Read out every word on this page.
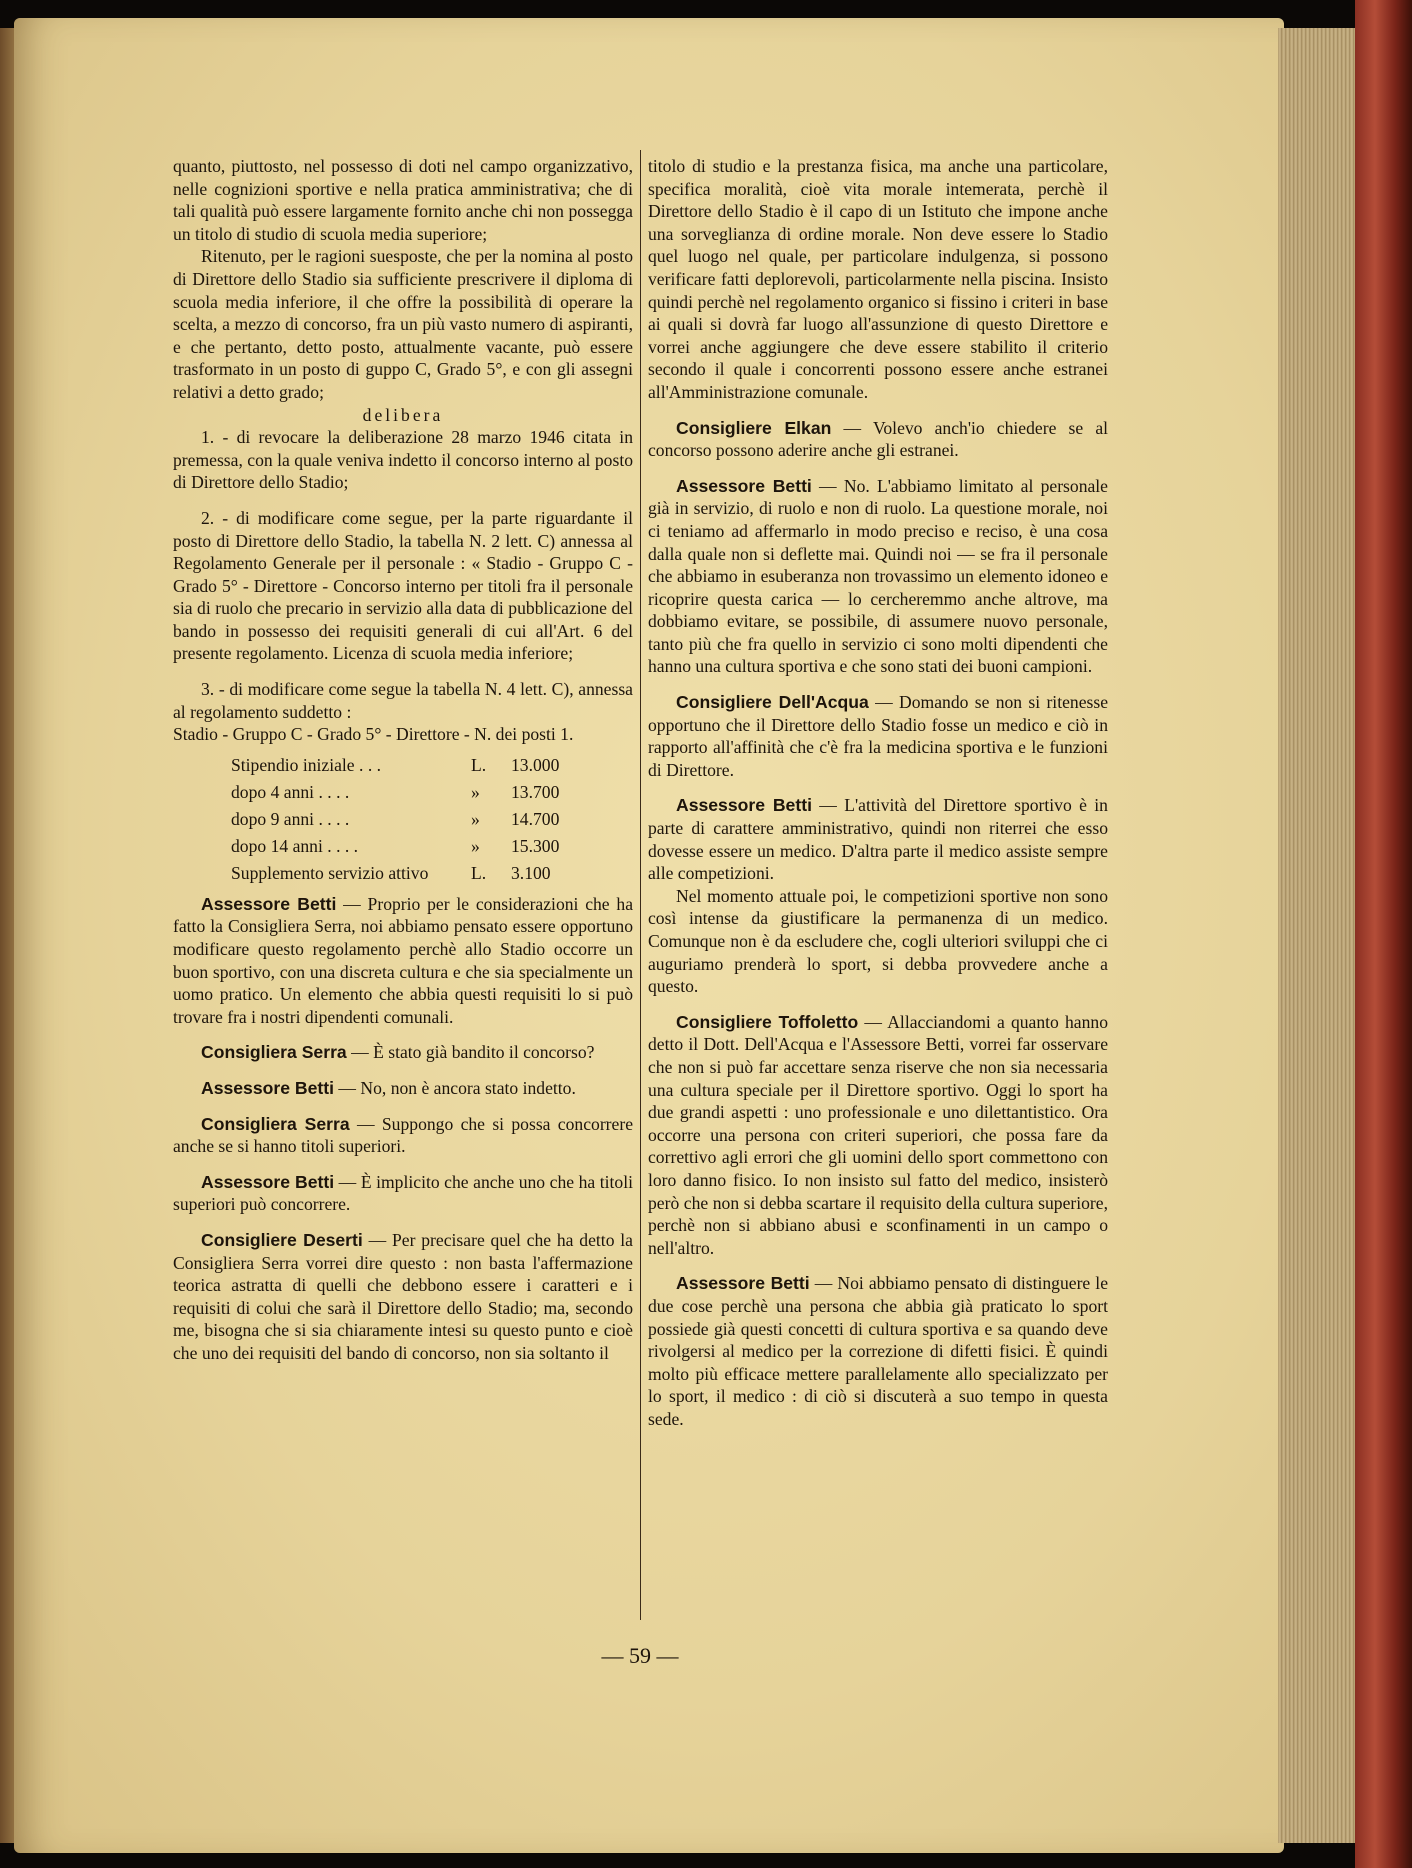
quanto, piuttosto, nel possesso di doti nel campo organizzativo, nelle cognizioni sportive e nella pratica amministrativa; che di tali qualità può essere largamente fornito anche chi non possegga un titolo di studio di scuola media superiore;

Ritenuto, per le ragioni suesposte, che per la nomina al posto di Direttore dello Stadio sia sufficiente prescrivere il diploma di scuola media inferiore, il che offre la possibilità di operare la scelta, a mezzo di concorso, fra un più vasto numero di aspiranti, e che pertanto, detto posto, attualmente vacante, può essere trasformato in un posto di guppo C, Grado 5°, e con gli assegni relativi a detto grado;

delibera

1. - di revocare la deliberazione 28 marzo 1946 citata in premessa, con la quale veniva indetto il concorso interno al posto di Direttore dello Stadio;

2. - di modificare come segue, per la parte riguardante il posto di Direttore dello Stadio, la tabella N. 2 lett. C) annessa al Regolamento Generale per il personale : « Stadio - Gruppo C - Grado 5° - Direttore - Concorso interno per titoli fra il personale sia di ruolo che precario in servizio alla data di pubblicazione del bando in possesso dei requisiti generali di cui all'Art. 6 del presente regolamento. Licenza di scuola media inferiore;

3. - di modificare come segue la tabella N. 4 lett. C), annessa al regolamento suddetto :

Stadio - Gruppo C - Grado 5° - Direttore - N. dei posti 1.

Stipendio iniziale . . .	L.	13.000
dopo 4 anni . . . .	»	13.700
dopo 9 anni . . . .	»	14.700
dopo 14 anni . . . .	»	15.300
Supplemento servizio attivo	L.	3.100

Assessore Betti — Proprio per le considerazioni che ha fatto la Consigliera Serra, noi abbiamo pensato essere opportuno modificare questo regolamento perchè allo Stadio occorre un buon sportivo, con una discreta cultura e che sia specialmente un uomo pratico. Un elemento che abbia questi requisiti lo si può trovare fra i nostri dipendenti comunali.

Consigliera Serra — È stato già bandito il concorso?

Assessore Betti — No, non è ancora stato indetto.

Consigliera Serra — Suppongo che si possa concorrere anche se si hanno titoli superiori.

Assessore Betti — È implicito che anche uno che ha titoli superiori può concorrere.

Consigliere Deserti — Per precisare quel che ha detto la Consigliera Serra vorrei dire questo : non basta l'affermazione teorica astratta di quelli che debbono essere i caratteri e i requisiti di colui che sarà il Direttore dello Stadio; ma, secondo me, bisogna che si sia chiaramente intesi su questo punto e cioè che uno dei requisiti del bando di concorso, non sia soltanto il

titolo di studio e la prestanza fisica, ma anche una particolare, specifica moralità, cioè vita morale intemerata, perchè il Direttore dello Stadio è il capo di un Istituto che impone anche una sorveglianza di ordine morale. Non deve essere lo Stadio quel luogo nel quale, per particolare indulgenza, si possono verificare fatti deplorevoli, particolarmente nella piscina. Insisto quindi perchè nel regolamento organico si fissino i criteri in base ai quali si dovrà far luogo all'assunzione di questo Direttore e vorrei anche aggiungere che deve essere stabilito il criterio secondo il quale i concorrenti possono essere anche estranei all'Amministrazione comunale.

Consigliere Elkan — Volevo anch'io chiedere se al concorso possono aderire anche gli estranei.

Assessore Betti — No. L'abbiamo limitato al personale già in servizio, di ruolo e non di ruolo. La questione morale, noi ci teniamo ad affermarlo in modo preciso e reciso, è una cosa dalla quale non si deflette mai. Quindi noi — se fra il personale che abbiamo in esuberanza non trovassimo un elemento idoneo e ricoprire questa carica — lo cercheremmo anche altrove, ma dobbiamo evitare, se possibile, di assumere nuovo personale, tanto più che fra quello in servizio ci sono molti dipendenti che hanno una cultura sportiva e che sono stati dei buoni campioni.

Consigliere Dell'Acqua — Domando se non si ritenesse opportuno che il Direttore dello Stadio fosse un medico e ciò in rapporto all'affinità che c'è fra la medicina sportiva e le funzioni di Direttore.

Assessore Betti — L'attività del Direttore sportivo è in parte di carattere amministrativo, quindi non riterrei che esso dovesse essere un medico. D'altra parte il medico assiste sempre alle competizioni.

Nel momento attuale poi, le competizioni sportive non sono così intense da giustificare la permanenza di un medico. Comunque non è da escludere che, cogli ulteriori sviluppi che ci auguriamo prenderà lo sport, si debba provvedere anche a questo.

Consigliere Toffoletto — Allacciandomi a quanto hanno detto il Dott. Dell'Acqua e l'Assessore Betti, vorrei far osservare che non si può far accettare senza riserve che non sia necessaria una cultura speciale per il Direttore sportivo. Oggi lo sport ha due grandi aspetti : uno professionale e uno dilettantistico. Ora occorre una persona con criteri superiori, che possa fare da correttivo agli errori che gli uomini dello sport commettono con loro danno fisico. Io non insisto sul fatto del medico, insisterò però che non si debba scartare il requisito della cultura superiore, perchè non si abbiano abusi e sconfinamenti in un campo o nell'altro.

Assessore Betti — Noi abbiamo pensato di distinguere le due cose perchè una persona che abbia già praticato lo sport possiede già questi concetti di cultura sportiva e sa quando deve rivolgersi al medico per la correzione di difetti fisici. È quindi molto più efficace mettere parallelamente allo specializzato per lo sport, il medico : di ciò si discuterà a suo tempo in questa sede.

— 59 —
